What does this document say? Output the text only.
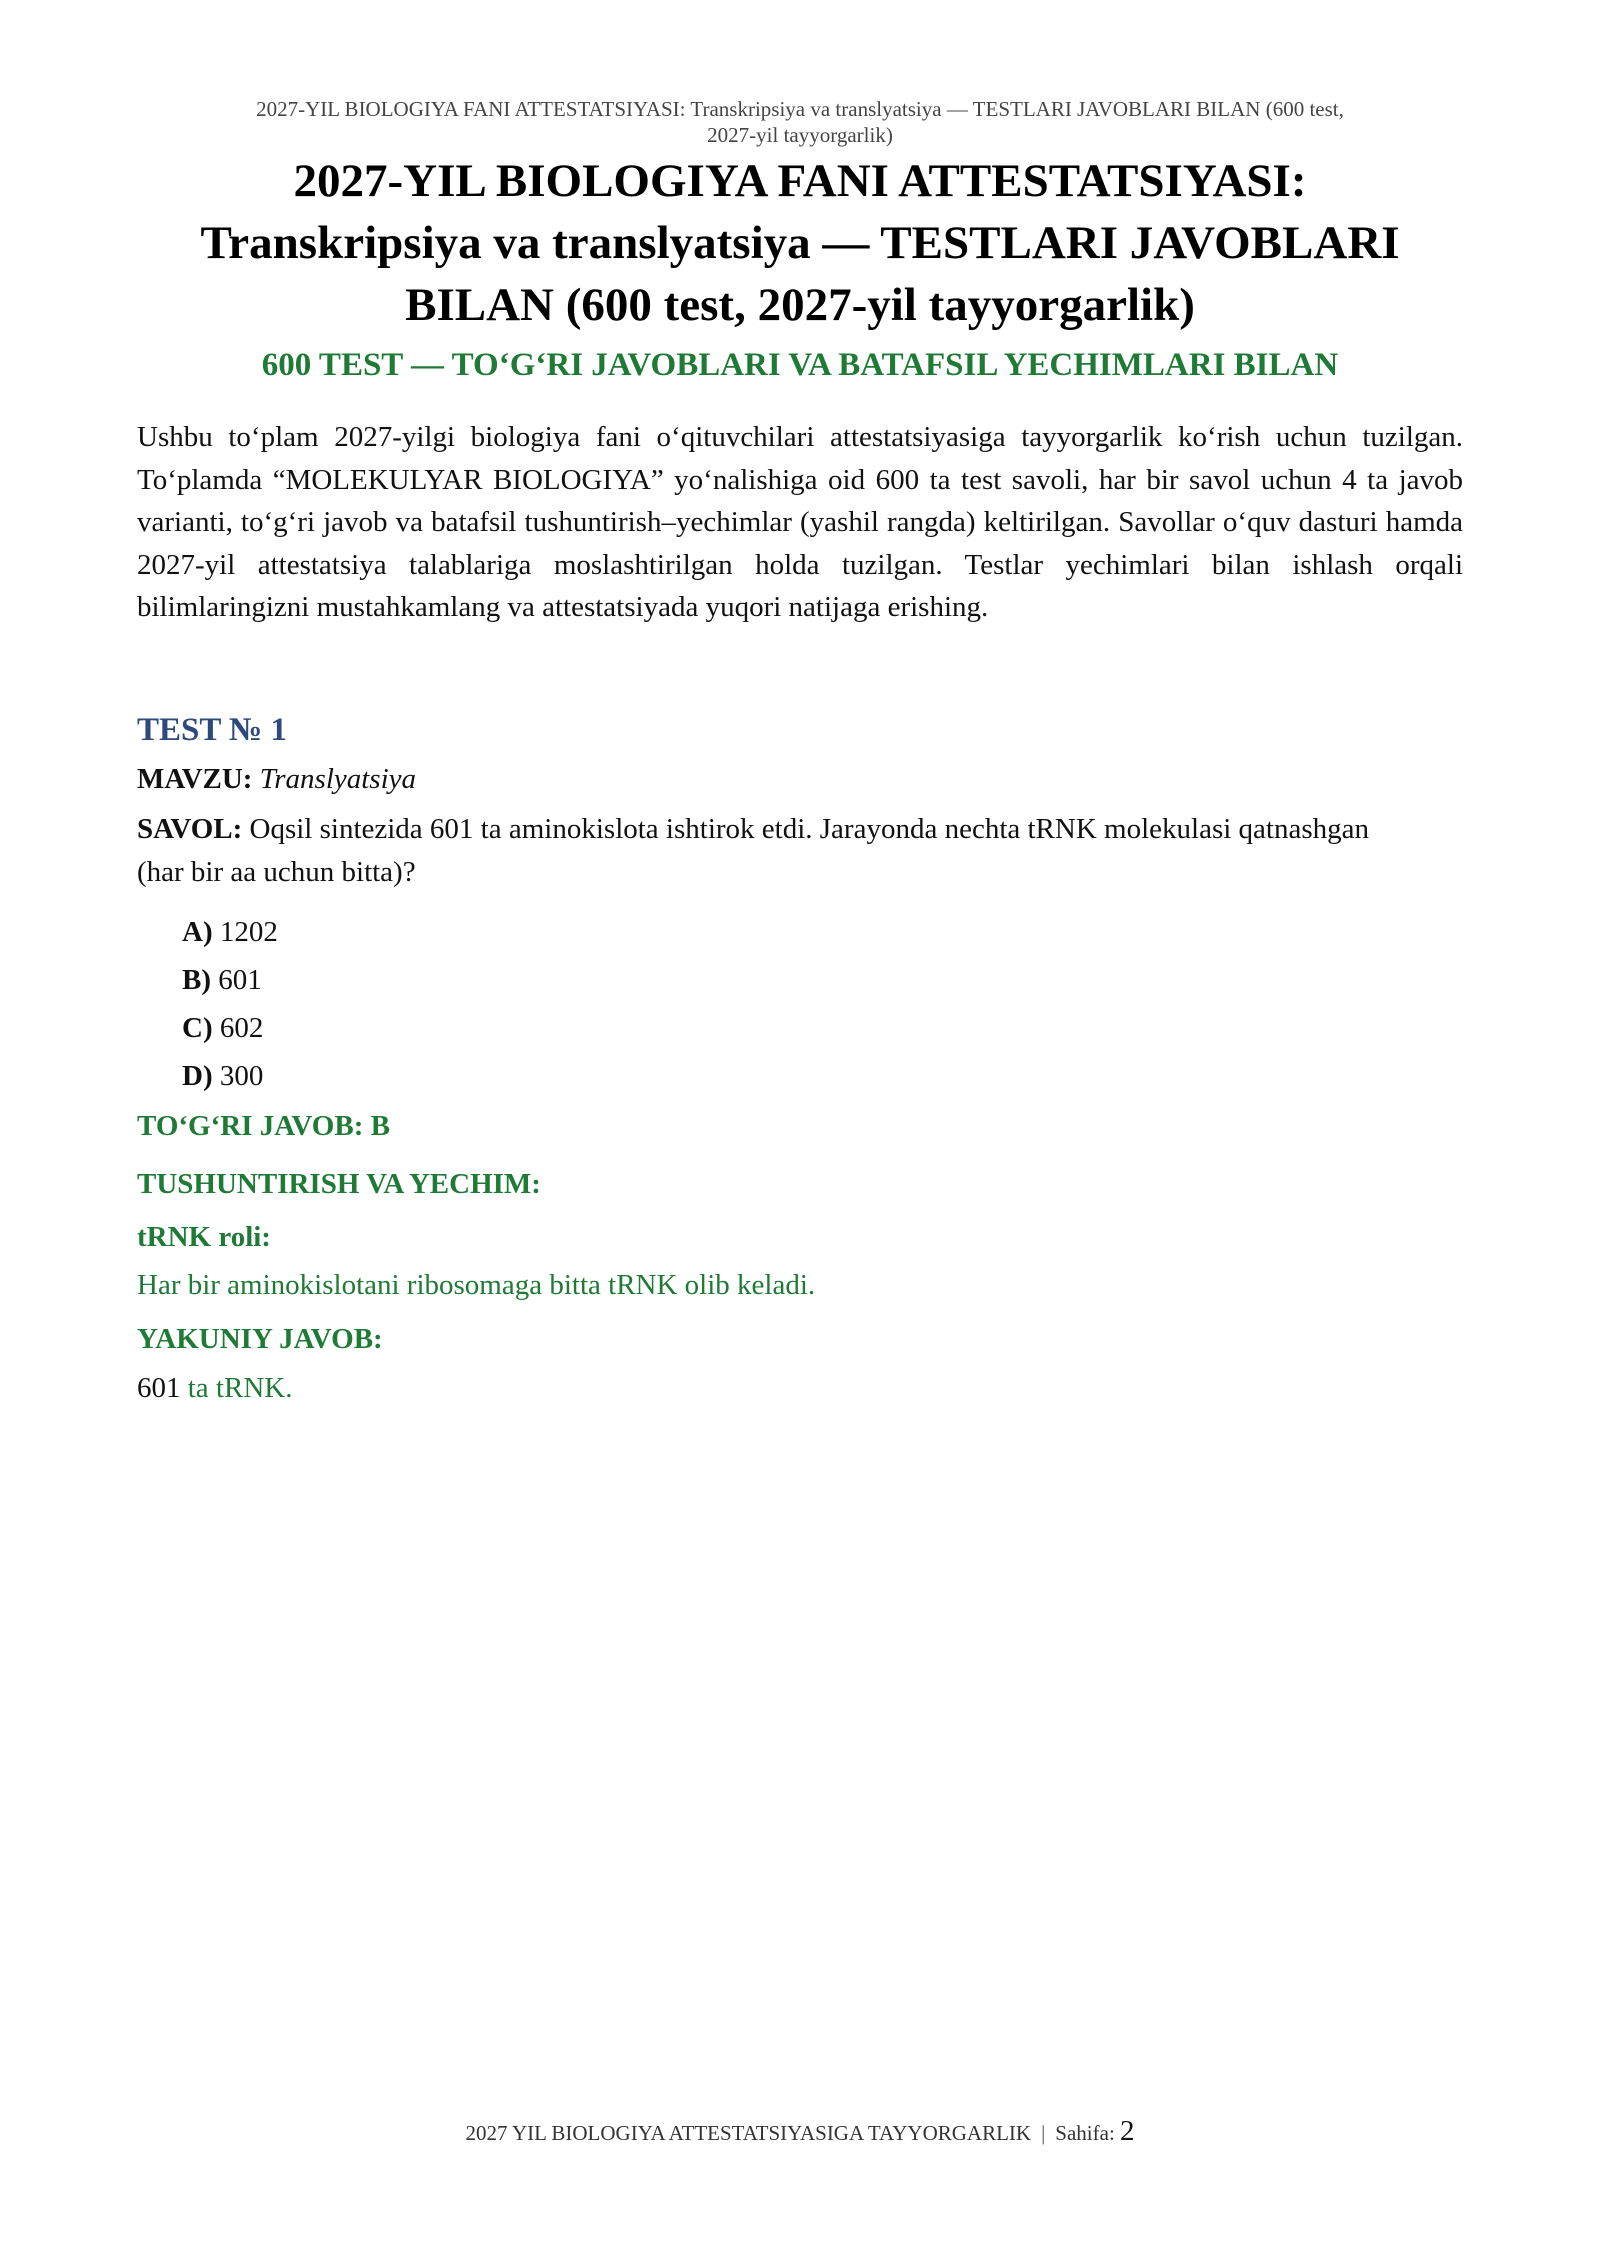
2027-YIL BIOLOGIYA FANI ATTESTATSIYASI: Transkripsiya va translyatsiya — TESTLARI JAVOBLARI BILAN (600 test,
2027-yil tayyorgarlik)
2027-YIL BIOLOGIYA FANI ATTESTATSIYASI:
Transkripsiya va translyatsiya — TESTLARI JAVOBLARI
BILAN (600 test, 2027-yil tayyorgarlik)
600 TEST — TO‘G‘RI JAVOBLARI VA BATAFSIL YECHIMLARI BILAN

Ushbu to‘plam 2027-yilgi biologiya fani o‘qituvchilari attestatsiyasiga tayyorgarlik ko‘rish uchun tuzilgan. To‘plamda “MOLEKULYAR BIOLOGIYA” yo‘nalishiga oid 600 ta test savoli, har bir savol uchun 4 ta javob varianti, to‘g‘ri javob va batafsil tushuntirish–yechimlar (yashil rangda) keltirilgan. Savollar o‘quv dasturi hamda 2027-yil attestatsiya talablariga moslashtirilgan holda tuzilgan. Testlar yechimlari bilan ishlash orqali bilimlaringizni mustahkamlang va attestatsiyada yuqori natijaga erishing.

TEST № 1

MAVZU: Translyatsiya

SAVOL: Oqsil sintezida 601 ta aminokislota ishtirok etdi. Jarayonda nechta tRNK molekulasi qatnashgan (har bir aa uchun bitta)?

A) 1202
B) 601
C) 602
D) 300

TO‘G‘RI JAVOB: B

TUSHUNTIRISH VA YECHIM:

tRNK roli:

Har bir aminokislotani ribosomaga bitta tRNK olib keladi.

YAKUNIY JAVOB:

601 ta tRNK.

2027 YIL BIOLOGIYA ATTESTATSIYASIGA TAYYORGARLIK | Sahifa: 2
